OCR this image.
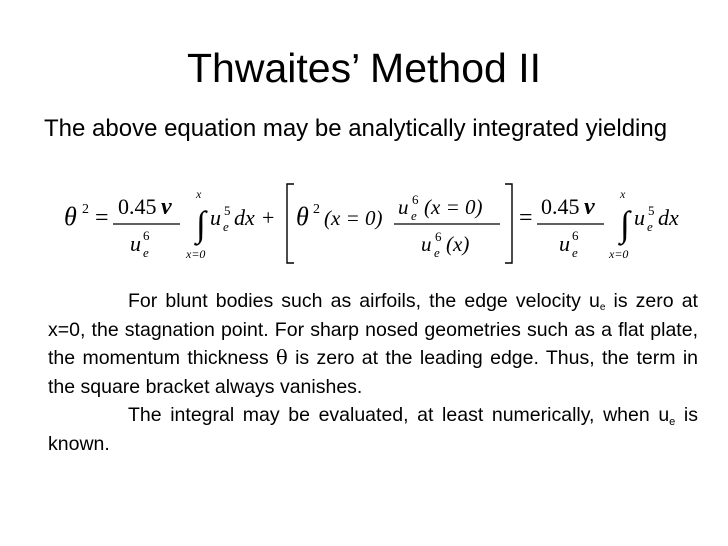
Thwaites’ Method II
The above equation may be analytically integrated yielding
θ 2 = 0.45 ν
u 6
e
x
∫
x=0
u 5
e dx + θ 2 (x = 0) u 6
e (x = 0)
u 6
e (x)
= 0.45 ν
u 6
e
x
∫
x=0
u 5
e dx

For blunt bodies such as airfoils, the edge velocity $u_e$ is zero at x=0, the stagnation point. For sharp nosed geometries such as a flat plate, the momentum thickness θ is zero at the leading edge. Thus, the term in the square bracket always vanishes.

The integral may be evaluated, at least numerically, when $u_e$ is known.
